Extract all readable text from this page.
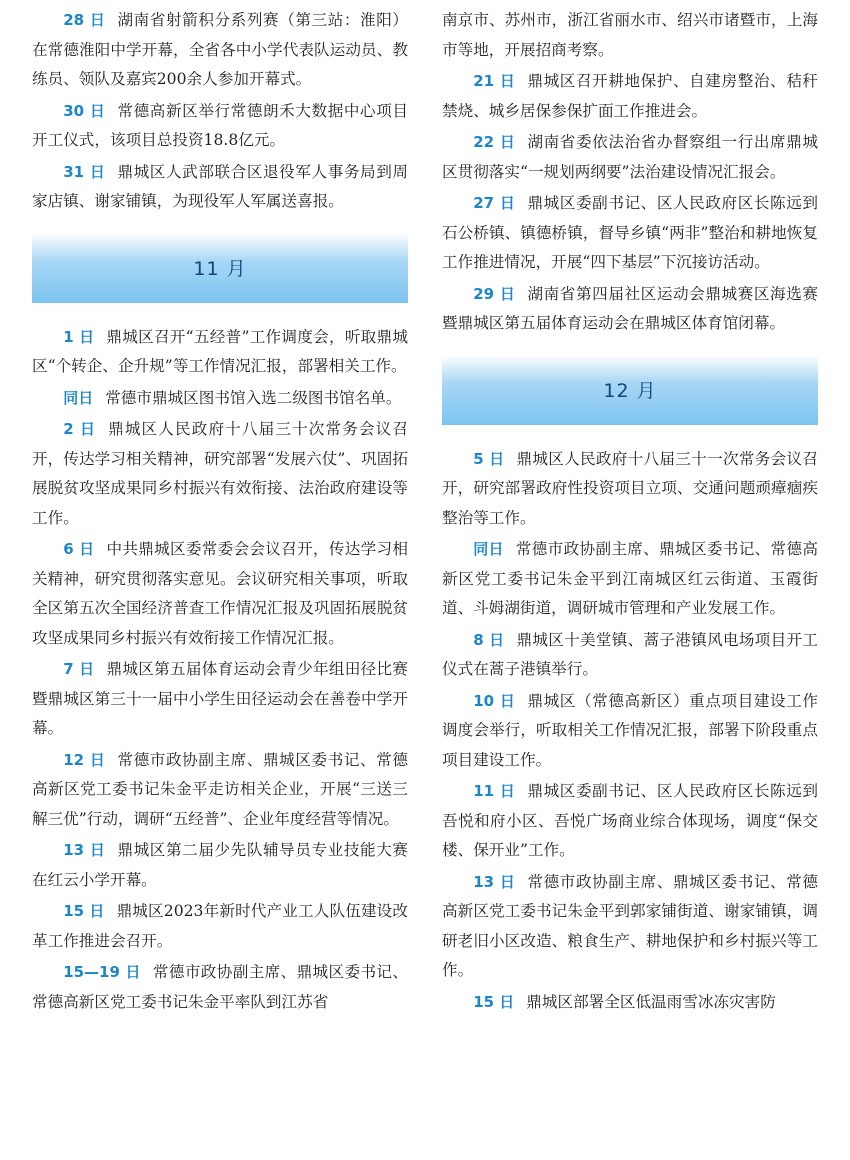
28 日 湖南省射箭积分系列赛（第三站：淮阳）在常德淮阳中学开幕，全省各中小学代表队运动员、教练员、领队及嘉宾200余人参加开幕式。

30 日 常德高新区举行常德朗禾大数据中心项目开工仪式，该项目总投资18.8亿元。

31 日 鼎城区人武部联合区退役军人事务局到周家店镇、谢家铺镇，为现役军人军属送喜报。

11 月

1 日 鼎城区召开“五经普”工作调度会，听取鼎城区“个转企、企升规”等工作情况汇报，部署相关工作。

同日 常德市鼎城区图书馆入选二级图书馆名单。

2 日 鼎城区人民政府十八届三十次常务会议召开，传达学习相关精神，研究部署“发展六仗”、巩固拓展脱贫攻坚成果同乡村振兴有效衔接、法治政府建设等工作。

6 日 中共鼎城区委常委会会议召开，传达学习相关精神，研究贯彻落实意见。会议研究相关事项，听取全区第五次全国经济普查工作情况汇报及巩固拓展脱贫攻坚成果同乡村振兴有效衔接工作情况汇报。

7 日 鼎城区第五届体育运动会青少年组田径比赛暨鼎城区第三十一届中小学生田径运动会在善卷中学开幕。

12 日 常德市政协副主席、鼎城区委书记、常德高新区党工委书记朱金平走访相关企业，开展“三送三解三优”行动，调研“五经普”、企业年度经营等情况。

13 日 鼎城区第二届少先队辅导员专业技能大赛在红云小学开幕。

15 日 鼎城区2023年新时代产业工人队伍建设改革工作推进会召开。

15—19 日 常德市政协副主席、鼎城区委书记、常德高新区党工委书记朱金平率队到江苏省

南京市、苏州市，浙江省丽水市、绍兴市诸暨市，上海市等地，开展招商考察。

21 日 鼎城区召开耕地保护、自建房整治、秸秆禁烧、城乡居保参保扩面工作推进会。

22 日 湖南省委依法治省办督察组一行出席鼎城区贯彻落实“一规划两纲要”法治建设情况汇报会。

27 日 鼎城区委副书记、区人民政府区长陈远到石公桥镇、镇德桥镇，督导乡镇“两非”整治和耕地恢复工作推进情况，开展“四下基层”下沉接访活动。

29 日 湖南省第四届社区运动会鼎城赛区海选赛暨鼎城区第五届体育运动会在鼎城区体育馆闭幕。

12 月

5 日 鼎城区人民政府十八届三十一次常务会议召开，研究部署政府性投资项目立项、交通问题顽瘴痼疾整治等工作。

同日 常德市政协副主席、鼎城区委书记、常德高新区党工委书记朱金平到江南城区红云街道、玉霞街道、斗姆湖街道，调研城市管理和产业发展工作。

8 日 鼎城区十美堂镇、蒿子港镇风电场项目开工仪式在蒿子港镇举行。

10 日 鼎城区（常德高新区）重点项目建设工作调度会举行，听取相关工作情况汇报，部署下阶段重点项目建设工作。

11 日 鼎城区委副书记、区人民政府区长陈远到吾悦和府小区、吾悦广场商业综合体现场，调度“保交楼、保开业”工作。

13 日 常德市政协副主席、鼎城区委书记、常德高新区党工委书记朱金平到郭家铺街道、谢家铺镇，调研老旧小区改造、粮食生产、耕地保护和乡村振兴等工作。

15 日 鼎城区部署全区低温雨雪冰冻灾害防
